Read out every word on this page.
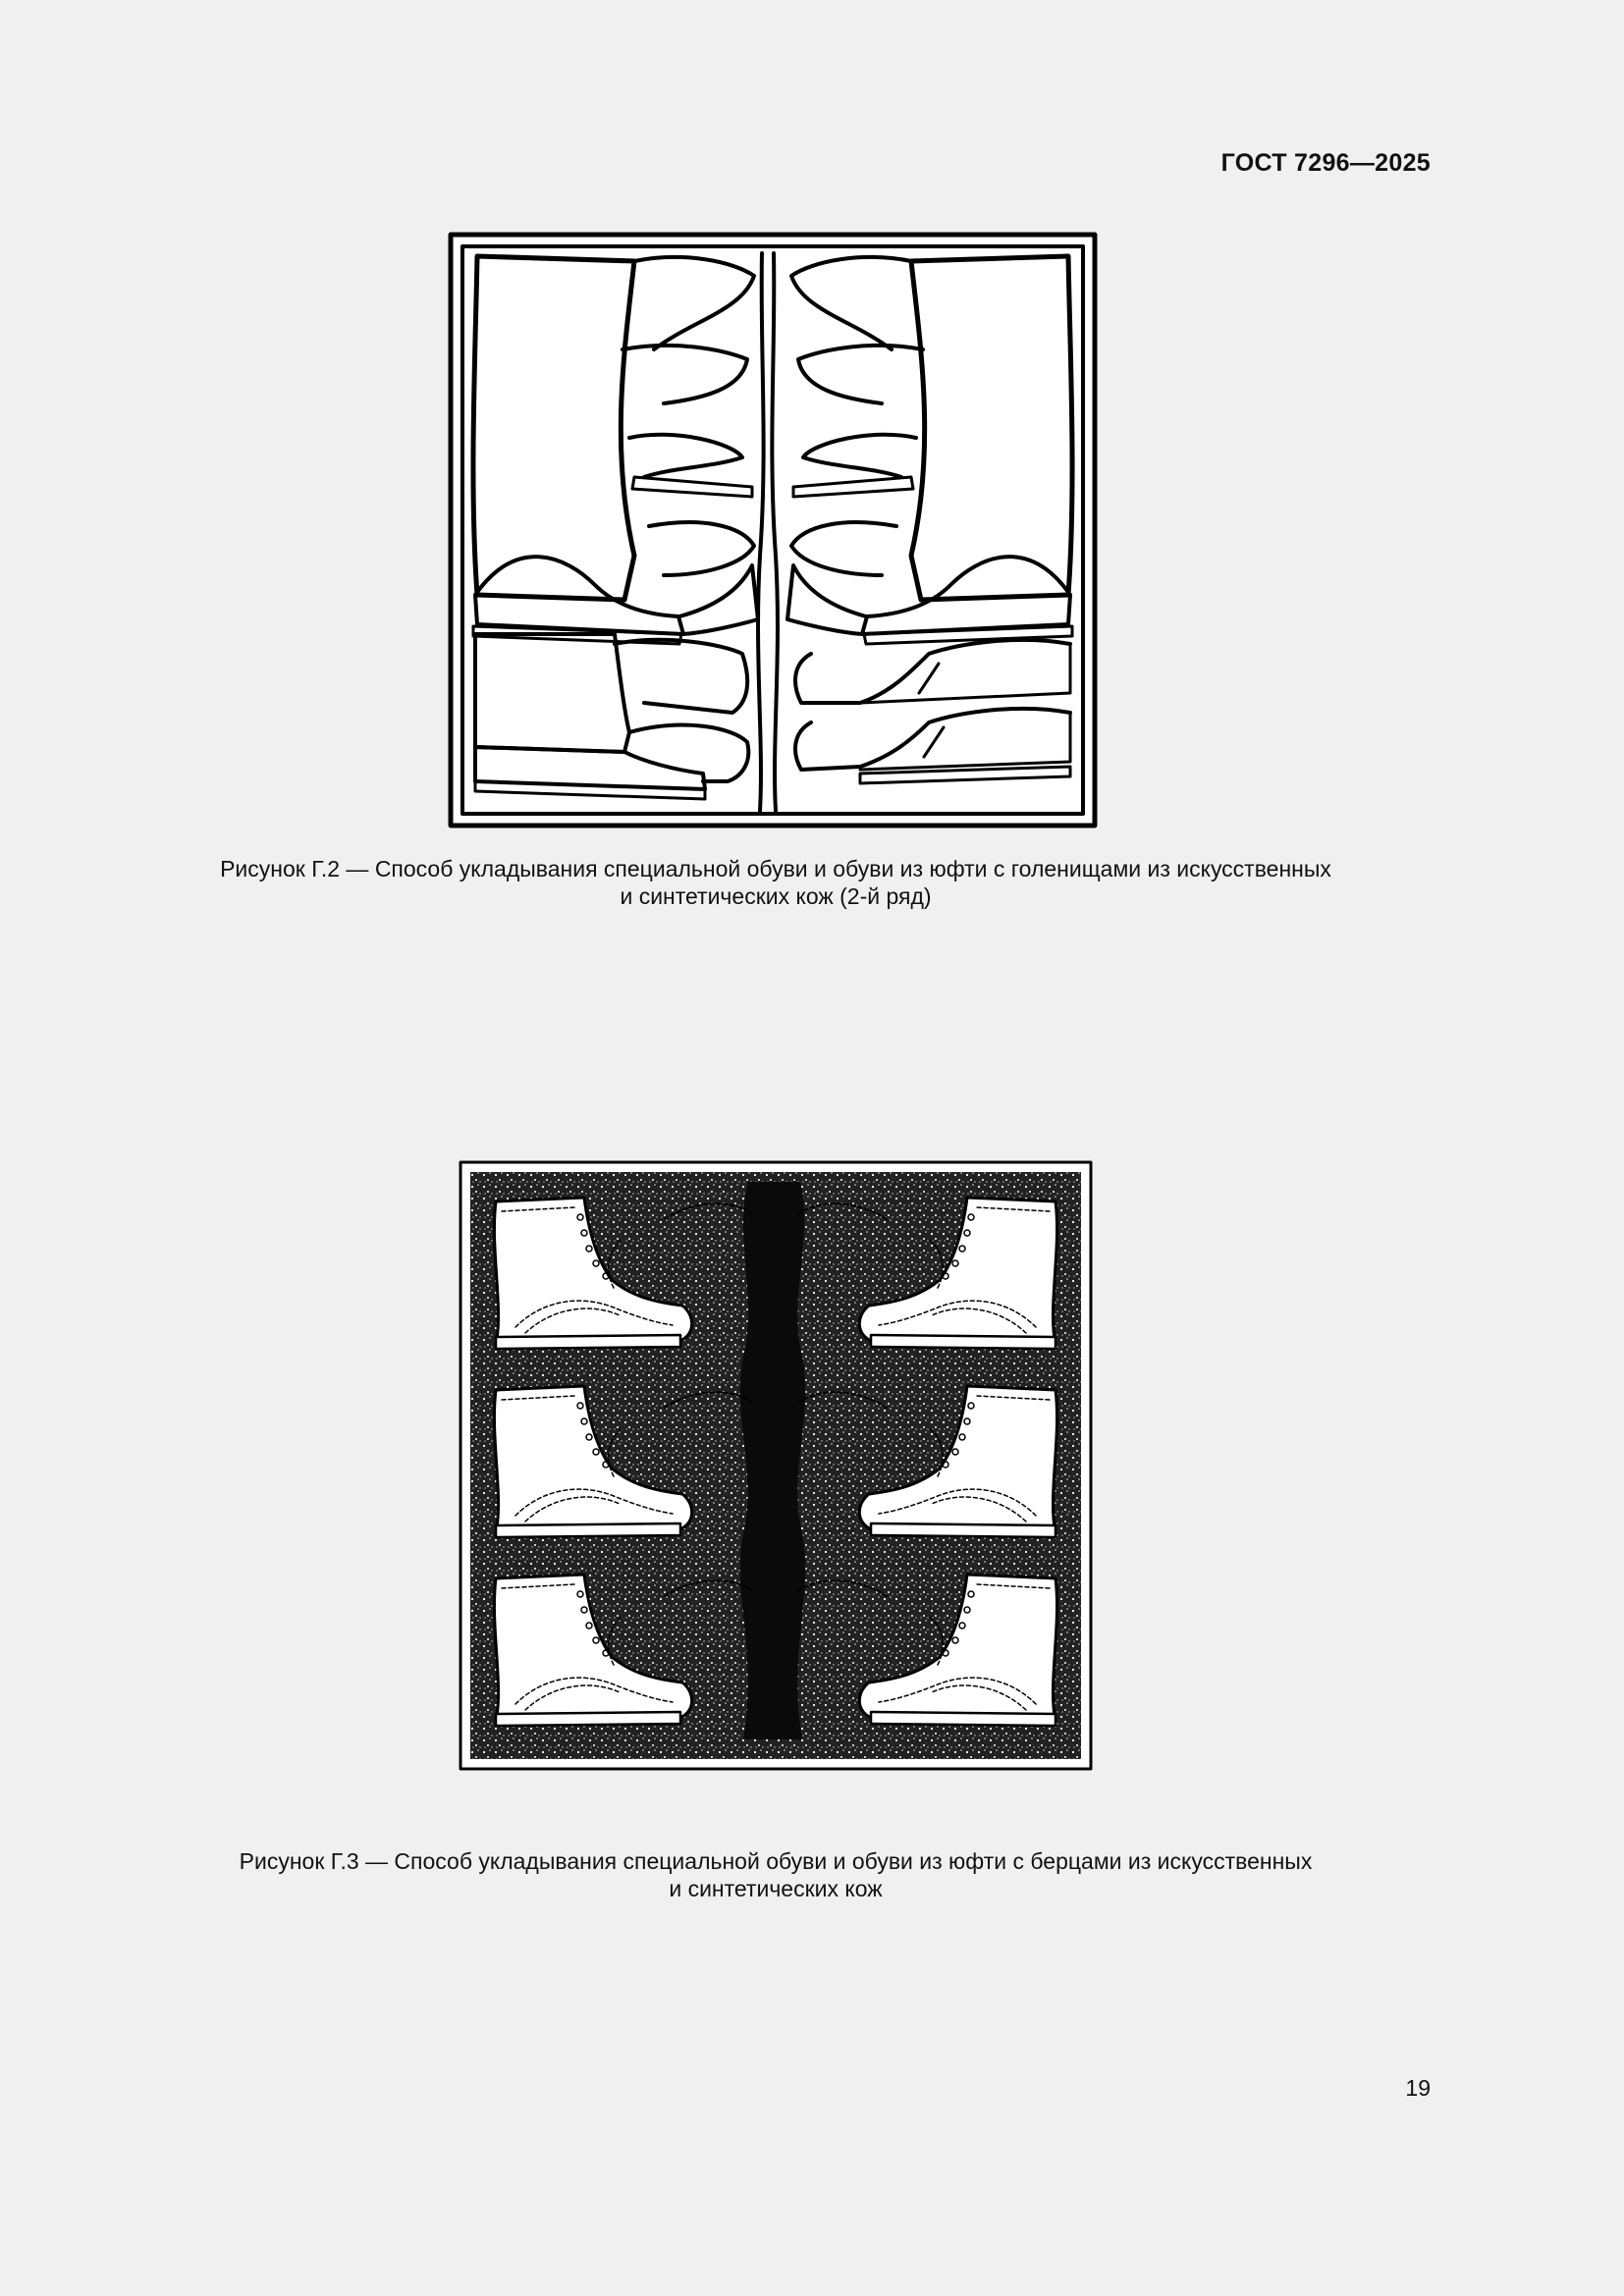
ГОСТ 7296—2025
Рисунок Г.2 — Способ укладывания специальной обуви и обуви из юфти с голенищами из искусственных
и синтетических кож (2-й ряд)
Рисунок Г.3 — Способ укладывания специальной обуви и обуви из юфти с берцами из искусственных
и синтетических кож
19
